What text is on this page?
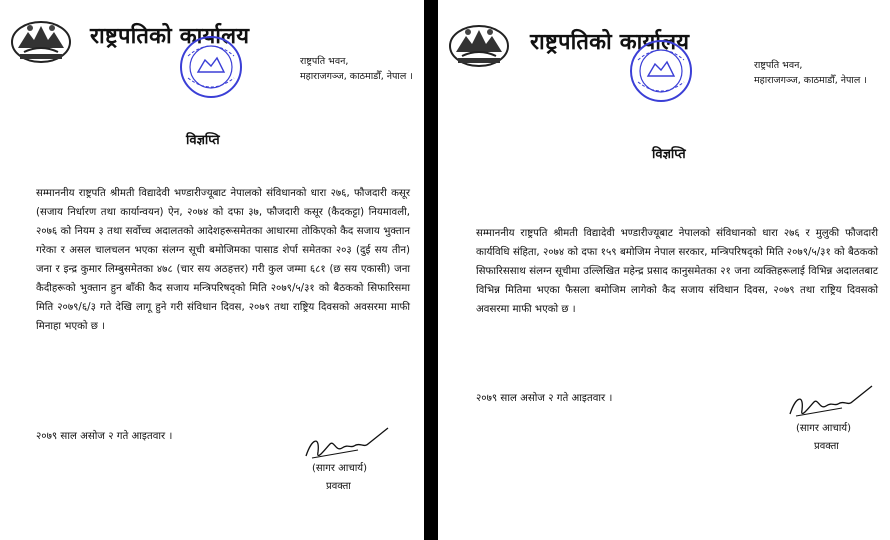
राष्ट्रपतिको कार्यालय
राष्ट्रपति भवन,
महाराजगञ्ज, काठमाडौँ, नेपाल ।
विज्ञप्ति
सम्माननीय राष्ट्रपति श्रीमती विद्यादेवी भण्डारीज्यूबाट नेपालको संविधानको धारा २७६, फौजदारी कसूर (सजाय निर्धारण तथा कार्यान्वयन) ऐन, २०७४ को दफा ३७, फौजदारी कसूर (कैदकट्टा) नियमावली, २०७६ को नियम ३ तथा सर्वोच्च अदालतको आदेशहरूसमेतका आधारमा तोकिएको कैद सजाय भुक्तान गरेका र असल चालचलन भएका संलग्न सूची बमोजिमका पासाड शेर्पा समेतका २०३ (दुई सय तीन) जना र इन्द्र कुमार लिम्बुसमेतका ४७८ (चार सय अठहत्तर) गरी कुल जम्मा ६८१ (छ सय एकासी) जना कैदीहरूको भुक्तान हुन बाँकी कैद सजाय मन्त्रिपरिषद्को मिति २०७९/५/३१ को बैठकको सिफारिसमा मिति २०७९/६/३ गते देखि लागू हुने गरी संविधान दिवस, २०७९ तथा राष्ट्रिय दिवसको अवसरमा माफी मिनाहा भएको छ ।
२०७९ साल असोज २ गते आइतवार ।
(सागर आचार्य)
प्रवक्ता
राष्ट्रपतिको कार्यालय
राष्ट्रपति भवन,
महाराजगञ्ज, काठमाडौँ, नेपाल ।
विज्ञप्ति
सम्माननीय राष्ट्रपति श्रीमती विद्यादेवी भण्डारीज्यूबाट नेपालको संविधानको धारा २७६ र मुलुकी फौजदारी कार्यविधि संहिता, २०७४ को दफा १५९ बमोजिम नेपाल सरकार, मन्त्रिपरिषद्को मिति २०७९/५/३१ को बैठकको सिफारिससाथ संलग्न सूचीमा उल्लिखित महेन्द्र प्रसाद कानुसमेतका २१ जना व्यक्तिहरूलाई विभिन्न अदालतबाट विभिन्न मितिमा भएका फैसला बमोजिम लागेको कैद सजाय संविधान दिवस, २०७९ तथा राष्ट्रिय दिवसको अवसरमा माफी भएको छ ।
२०७९ साल असोज २ गते आइतवार ।
(सागर आचार्य)
प्रवक्ता
